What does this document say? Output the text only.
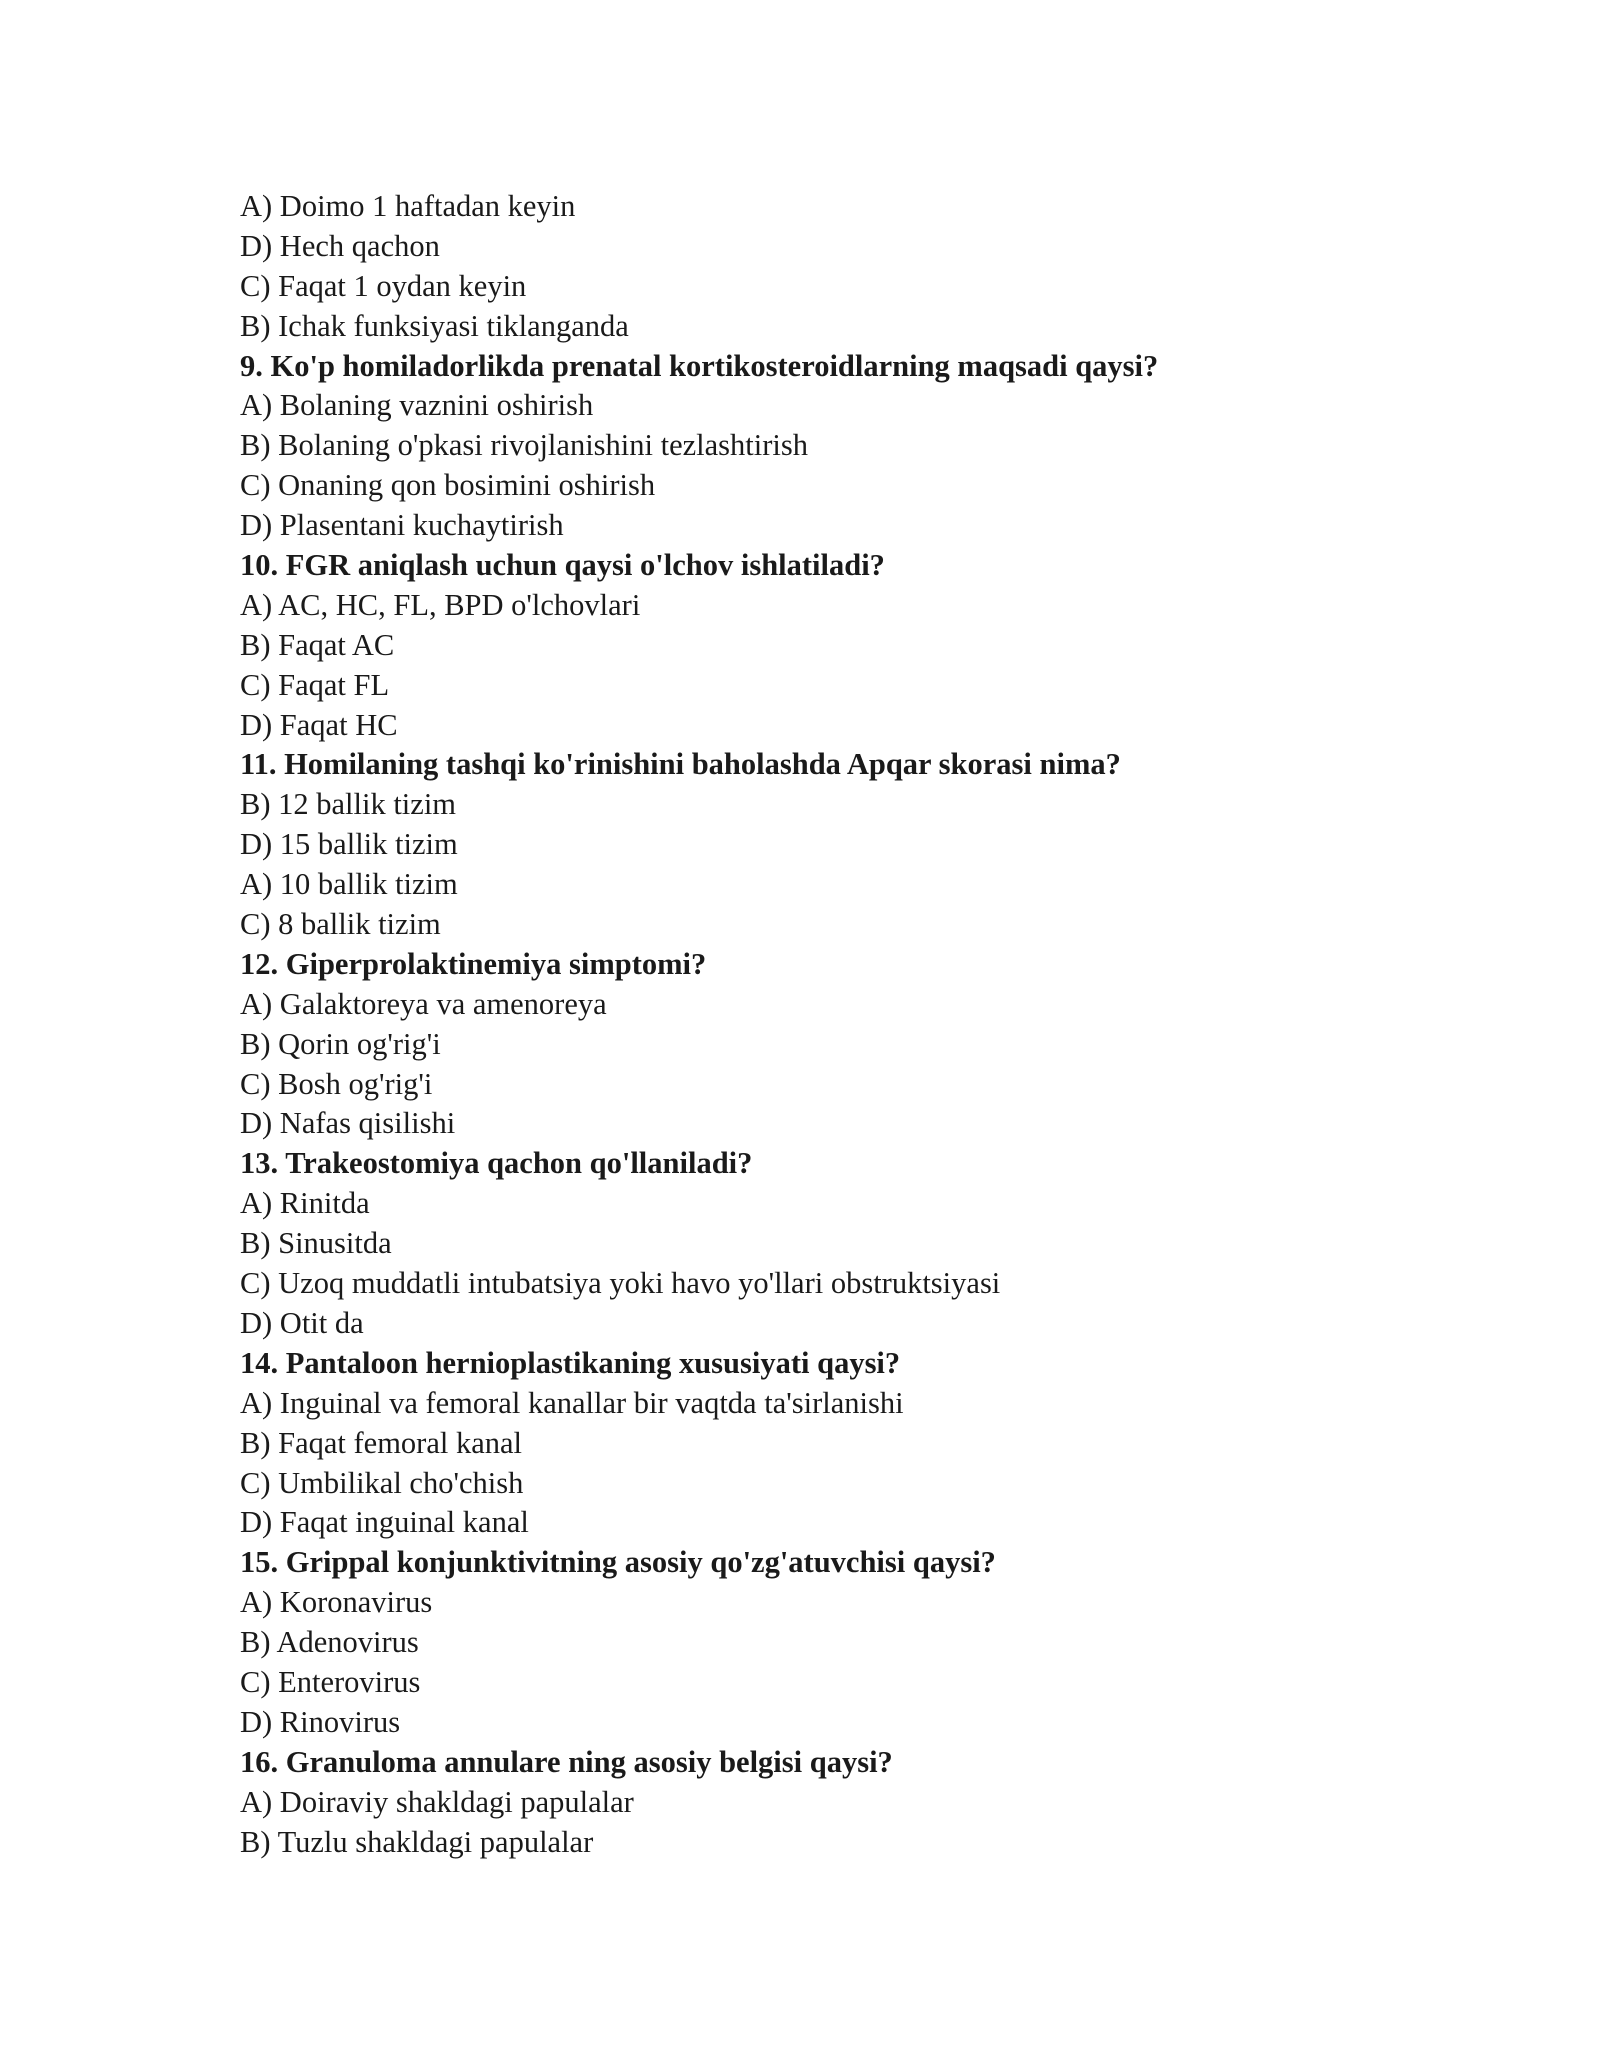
A) Doimo 1 haftadan keyin
D) Hech qachon
C) Faqat 1 oydan keyin
B) Ichak funksiyasi tiklanganda
9. Ko'p homiladorlikda prenatal kortikosteroidlarning maqsadi qaysi?
A) Bolaning vaznini oshirish
B) Bolaning o'pkasi rivojlanishini tezlashtirish
C) Onaning qon bosimini oshirish
D) Plasentani kuchaytirish
10. FGR aniqlash uchun qaysi o'lchov ishlatiladi?
A) AC, HC, FL, BPD o'lchovlari
B) Faqat AC
C) Faqat FL
D) Faqat HC
11. Homilaning tashqi ko'rinishini baholashda Apqar skorasi nima?
B) 12 ballik tizim
D) 15 ballik tizim
A) 10 ballik tizim
C) 8 ballik tizim
12. Giperprolaktinemiya simptomi?
A) Galaktoreya va amenoreya
B) Qorin og'rig'i
C) Bosh og'rig'i
D) Nafas qisilishi
13. Trakeostomiya qachon qo'llaniladi?
A) Rinitda
B) Sinusitda
C) Uzoq muddatli intubatsiya yoki havo yo'llari obstruktsiyasi
D) Otit da
14. Pantaloon hernioplastikaning xususiyati qaysi?
A) Inguinal va femoral kanallar bir vaqtda ta'sirlanishi
B) Faqat femoral kanal
C) Umbilikal cho'chish
D) Faqat inguinal kanal
15. Grippal konjunktivitning asosiy qo'zg'atuvchisi qaysi?
A) Koronavirus
B) Adenovirus
C) Enterovirus
D) Rinovirus
16. Granuloma annulare ning asosiy belgisi qaysi?
A) Doiraviy shakldagi papulalar
B) Tuzlu shakldagi papulalar
